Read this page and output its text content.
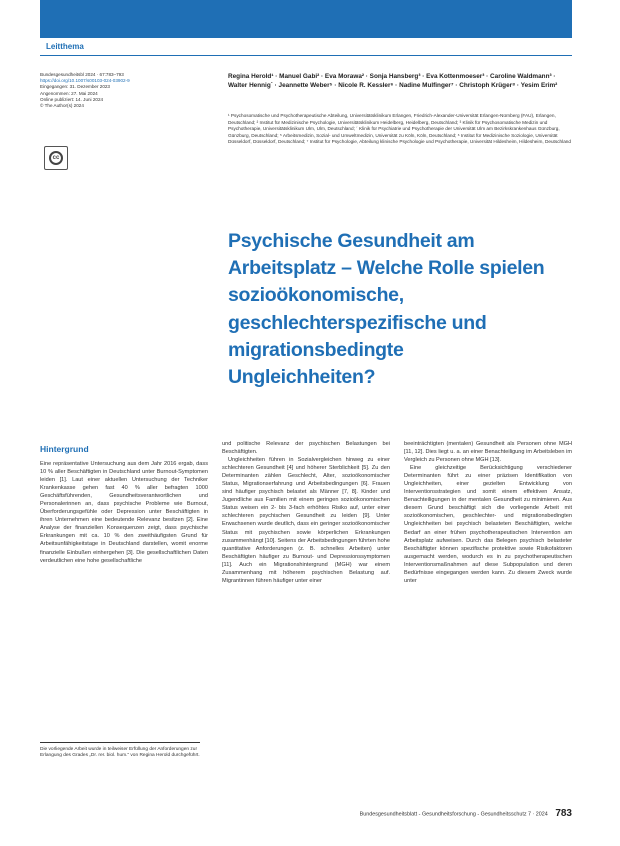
Leitthema
Bundesgesundheitsbl 2024 · 67:783–793
https://doi.org/10.1007/s00103-024-03902-9
Eingegangen: 31. Dezember 2023
Angenommen: 27. Mai 2024
Online publiziert: 14. Juni 2024
© The Author(s) 2024
cc
Regina Herold¹ · Manuel Gabi² · Eva Morawa² · Sonja Hansberg³ · Eva Kottenmoeser³ · Caroline Waldmann³ · Walter Hennig´ · Jeannette Weber⁵ · Nicole R. Kessler⁶ · Nadine Mulfinger⁷ · Christoph Krüger⁸ · Yesim Erim²
¹ Psychosomatische und Psychotherapeutische Abteilung, Universitätsklinikum Erlangen, Friedrich-Alexander-Universität Erlangen-Nürnberg (FAU), Erlangen, Deutschland; ² Institut für Medizinische Psychologie, Universitätsklinikum Heidelberg, Heidelberg, Deutschland; ³ Klinik für Psychosomatische Medizin und Psychotherapie, Universitätsklinikum Ulm, Ulm, Deutschland; ´ Klinik für Psychiatrie und Psychotherapie der Universität Ulm am Bezirkskrankenhaus Günzburg, Günzburg, Deutschland; ⁵ Arbeitsmedizin, Sozial- und Umweltmedizin, Universität zu Köln, Köln, Deutschland; ⁶ Institut für Medizinische Soziologie, Universität Düsseldorf, Düsseldorf, Deutschland; ⁷ Institut für Psychologie, Abteilung klinische Psychologie und Psychotherapie, Universität Hildesheim, Hildesheim, Deutschland
Psychische Gesundheit am Arbeitsplatz – Welche Rolle spielen sozioökonomische, geschlechterspezifische und migrationsbedingte Ungleichheiten?
Hintergrund

Eine repräsentative Untersuchung aus dem Jahr 2016 ergab, dass 10 % aller Beschäftigten in Deutschland unter Burnout-Symptomen leiden [1]. Laut einer aktuellen Untersuchung der Techniker Krankenkasse gehen fast 40 % aller befragten 1000 Geschäftsführenden, Gesundheitsverantwortlichen und Personalerinnen an, dass psychische Probleme wie Burnout, Überforderungsgefühle oder Depression unter Beschäftigten in ihren Unternehmen eine bedeutende Relevanz besitzen [2]. Eine Analyse der finanziellen Konsequenzen zeigt, dass psychische Erkrankungen mit ca. 10 % den zweithäufigsten Grund für Arbeitsunfähigkeitstage in Deutschland darstellen, womit enorme finanzielle Einbußen einhergehen [3]. Die gesellschaftlichen Daten verdeutlichen eine hohe gesellschaftliche

und politische Relevanz der psychischen Belastungen bei Beschäftigten.

Ungleichheiten führen in Sozialvergleichen hinweg zu einer schlechteren Gesundheit [4] und höherer Sterblichkeit [5]. Zu den Determinanten zählen Geschlecht, Alter, sozioökonomischer Status, Migrationserfahrung und Arbeitsbedingungen [6]. Frauen sind häufiger psychisch belastet als Männer [7, 8]. Kinder und Jugendliche aus Familien mit einem geringen sozioökonomischen Status weisen ein 2- bis 3-fach erhöhtes Risiko auf, unter einer schlechteren psychischen Gesundheit zu leiden [9]. Unter Erwachsenen wurde deutlich, dass ein geringer sozioökonomischer Status mit psychischen sowie körperlichen Erkrankungen zusammenhängt [10]. Seitens der Arbeitsbedingungen führten hohe quantitative Anforderungen (z. B. schnelles Arbeiten) unter Beschäftigten häufiger zu Burnout- und Depressionssymptomen [11]. Auch ein Migrationshintergrund (MGH) war einem Zusammenhang mit höherem psychischen Belastung auf. Migrantinnen führen häufiger unter einer

beeinträchtigten (mentalen) Gesundheit als Personen ohne MGH [11, 12]. Dies liegt u. a. an einer Benachteiligung im Arbeitsleben im Vergleich zu Personen ohne MGH [13].

Eine gleichzeitige Berücksichtigung verschiedener Determinanten führt zu einer präzisen Identifikation von Ungleichheiten, einer gezielten Entwicklung von Interventionsstrategien und somit einem effektiven Ansatz, Benachteiligungen in der mentalen Gesundheit zu minimieren. Aus diesem Grund beschäftigt sich die vorliegende Arbeit mit sozioökonomischen, geschlechter- und migrationsbedingten Ungleichheiten bei psychisch belasteten Beschäftigten, welche Bedarf an einer frühen psychotherapeutischen Intervention am Arbeitsplatz aufweisen. Durch das Belegen psychisch belasteter Beschäftigter können spezifische protektive sowie Risikofaktoren ausgemacht werden, wodurch es in zu psychotherapeutischen Interventionsmaßnahmen auf diese Subpopulation und deren Bedürfnisse eingegangen werden kann. Zu diesem Zweck wurde unter

Die vorliegende Arbeit wurde in teilweiser Erfüllung der Anforderungen zur Erlangung des Grades „Dr. rer. biol. hum.“ von Regina Herold durchgeführt.
Bundesgesundheitsblatt - Gesundheitsforschung - Gesundheitsschutz 7 · 2024 783
